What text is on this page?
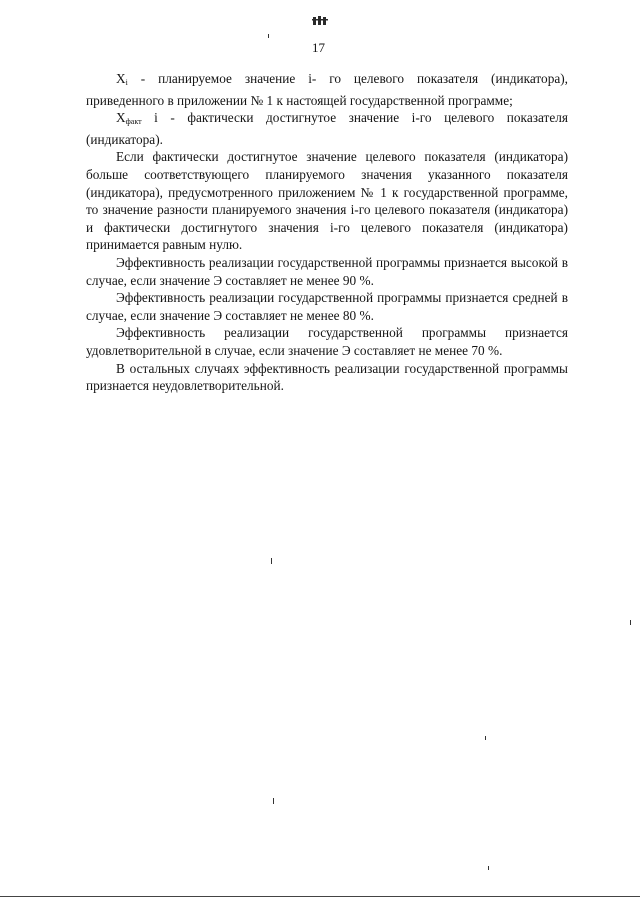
17

$X_i$ - планируемое значение i- го целевого показателя (индикатора), приведенного в приложении № 1 к настоящей государственной программе;

$X_{факт}$ i - фактически достигнутое значение i-го целевого показателя (индикатора).

Если фактически достигнутое значение целевого показателя (индикатора) больше соответствующего планируемого значения указанного показателя (индикатора), предусмотренного приложением № 1 к государственной программе, то значение разности планируемого значения i-го целевого показателя (индикатора) и фактически достигнутого значения i-го целевого показателя (индикатора) принимается равным нулю.

Эффективность реализации государственной программы признается высокой в случае, если значение Э составляет не менее 90 %.

Эффективность реализации государственной программы признается средней в случае, если значение Э составляет не менее 80 %.

Эффективность реализации государственной программы признается удовлетворительной в случае, если значение Э составляет не менее 70 %.

В остальных случаях эффективность реализации государственной программы признается неудовлетворительной.
